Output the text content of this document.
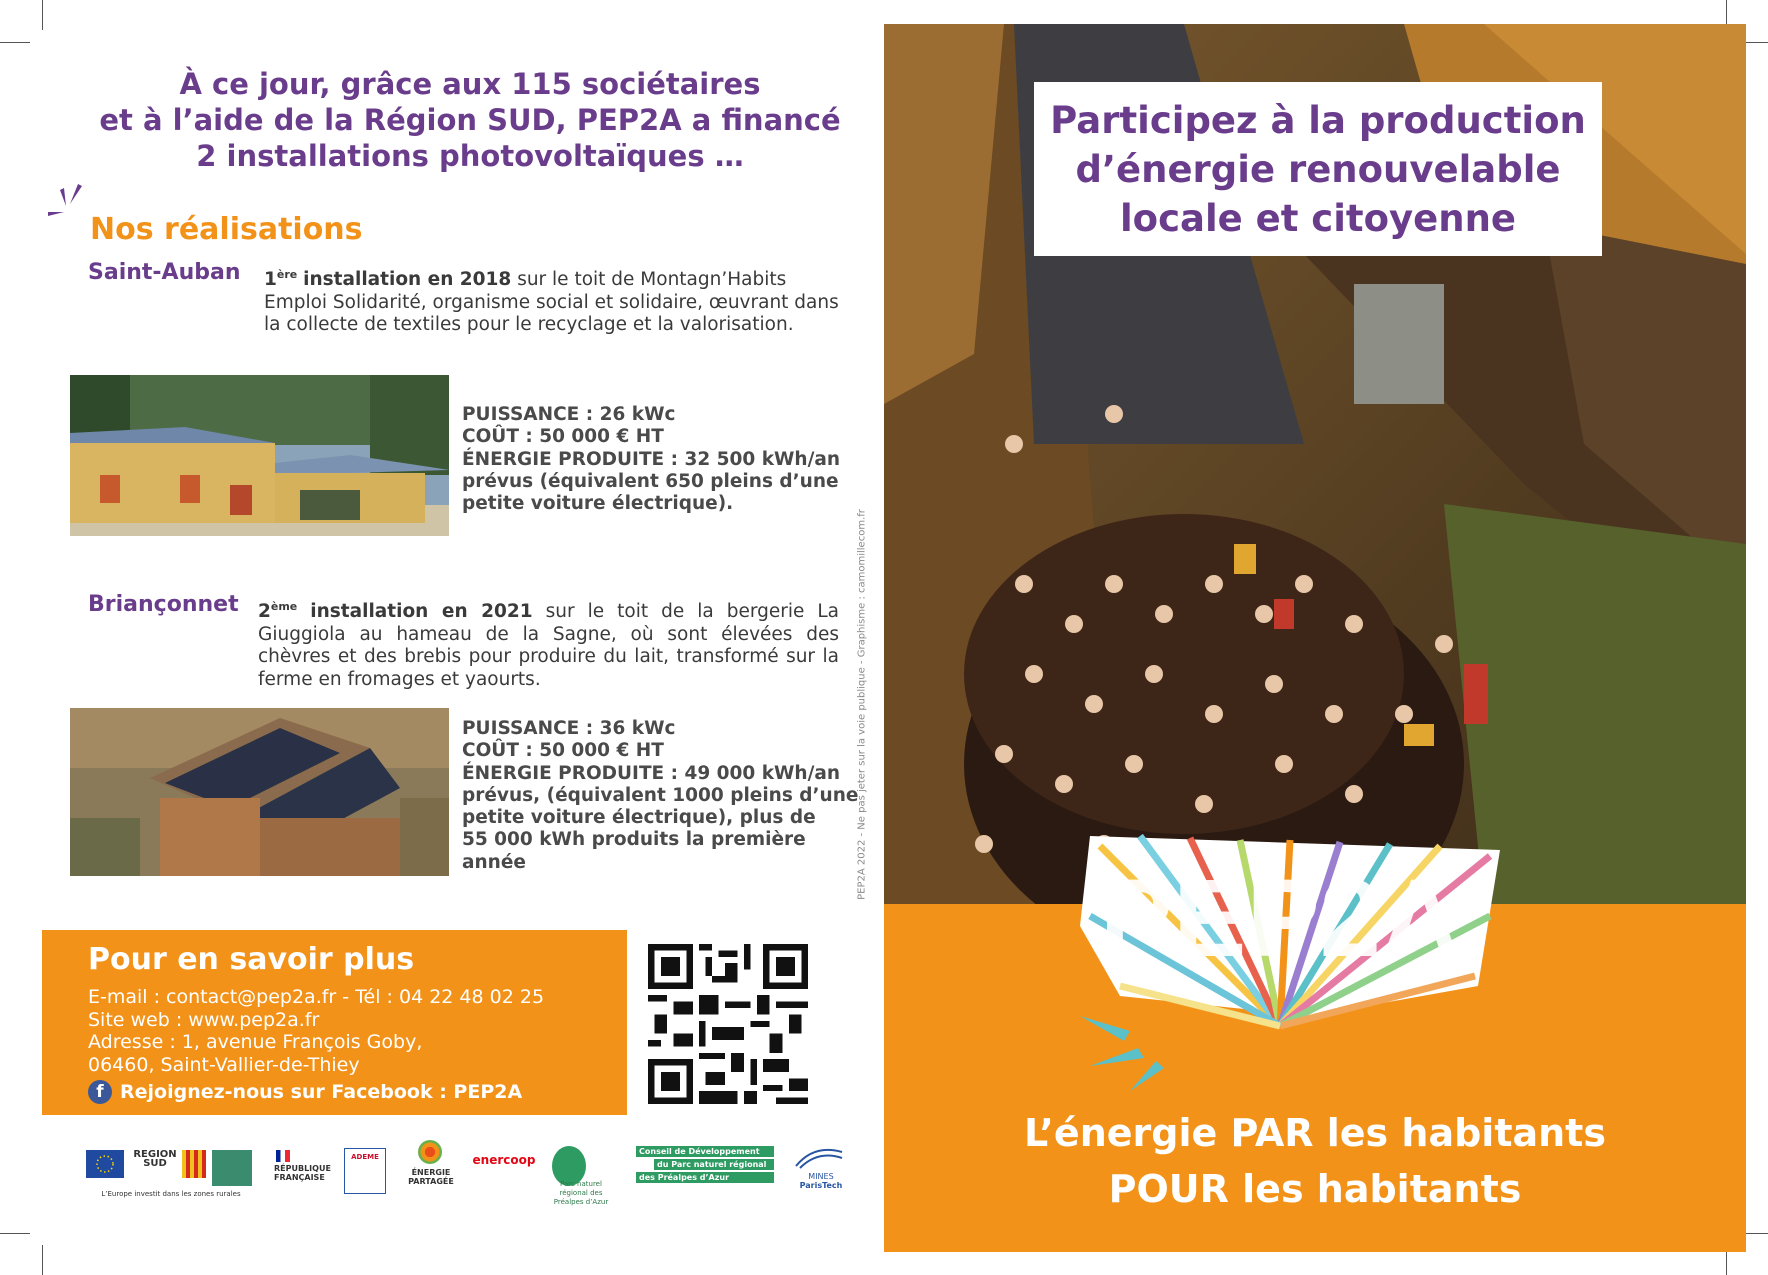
À ce jour, grâce aux 115 sociétaires
et à l’aide de la Région SUD, PEP2A a financé
2 installations photovoltaïques …
Nos réalisations
Saint-Auban 1ère installation en 2018 sur le toit de Montagn’Habits Emploi Solidarité, organisme social et solidaire, œuvrant dans la collecte de textiles pour le recyclage et la valorisation.
PUISSANCE : 26 kWc
COÛT : 50 000 € HT
ÉNERGIE PRODUITE : 32 500 kWh/an
prévus (équivalent 650 pleins d’une
petite voiture électrique).
Briançonnet 2ème installation en 2021 sur le toit de la bergerie La Giuggiola au hameau de la Sagne, où sont élevées des chèvres et des brebis pour produire du lait, transformé sur la ferme en fromages et yaourts.
PUISSANCE : 36 kWc
COÛT : 50 000 € HT
ÉNERGIE PRODUITE : 49 000 kWh/an
prévus, (équivalent 1000 pleins d’une
petite voiture électrique), plus de
55 000 kWh produits la première
année
Pour en savoir plus
E-mail : contact@pep2a.fr - Tél : 04 22 48 02 25
Site web : www.pep2a.fr
Adresse : 1, avenue François Goby,
06460, Saint-Vallier-de-Thiey
f Rejoignez-nous sur Facebook : PEP2A
PEP2A 2022 - Ne pas jeter sur la voie publique - Graphisme : camomillecom.fr
REGION SUD
L’Europe investit dans les zones rurales
RÉPUBLIQUE FRANÇAISE
ADEME
ÉNERGIE PARTAGÉE
enercoop
Parc naturel régional des Préalpes d’Azur
Conseil de Développement
du Parc naturel régional
des Préalpes d’Azur	MINES
ParisTech
Participez à la production
d’énergie renouvelable
locale et citoyenne
PEP2A
L’énergie PAR les habitants
POUR les habitants
